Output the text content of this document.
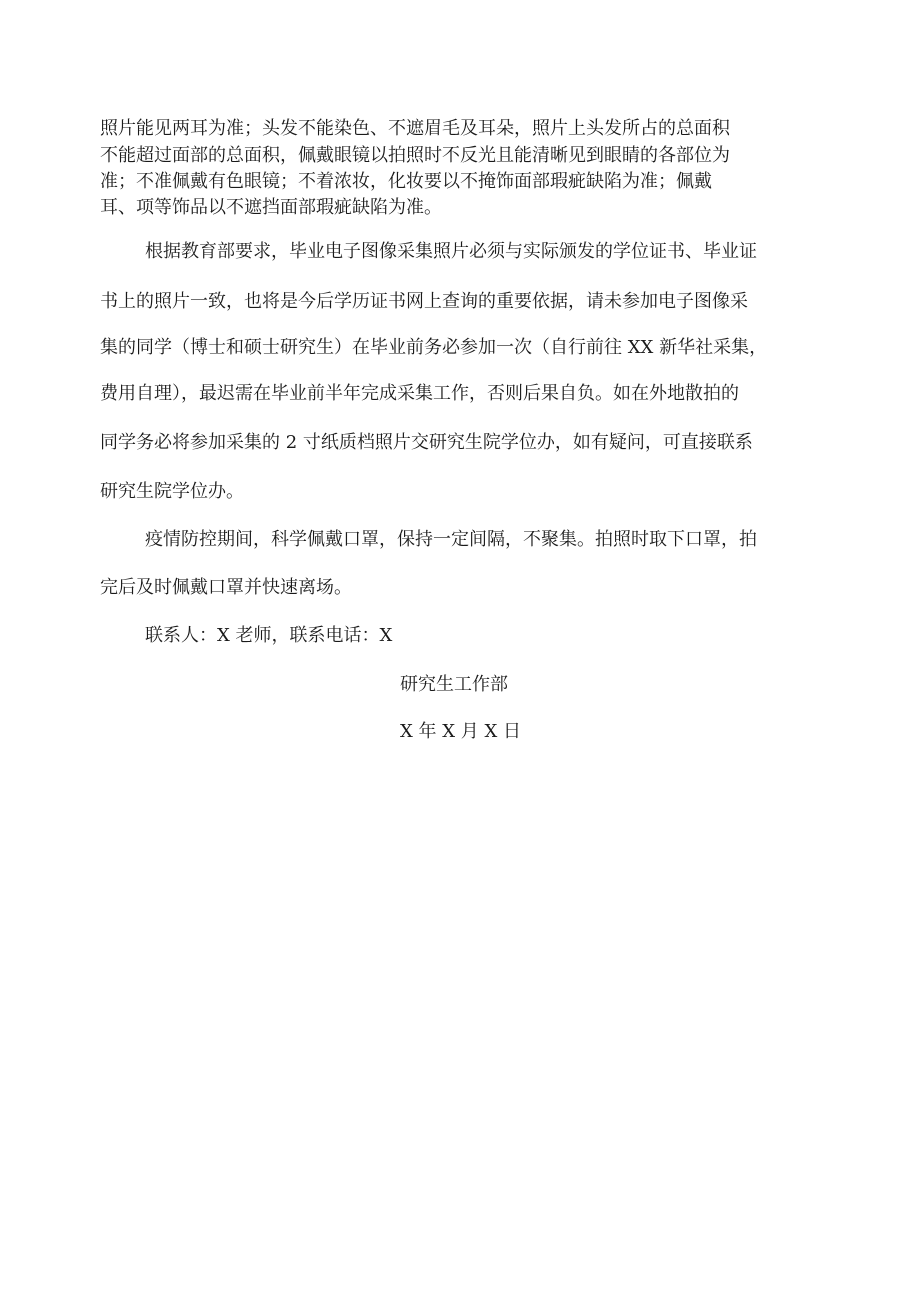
照片能见两耳为准；头发不能染色、不遮眉毛及耳朵，照片上头发所占的总面积
不能超过面部的总面积，佩戴眼镜以拍照时不反光且能清晰见到眼睛的各部位为
准；不准佩戴有色眼镜；不着浓妆，化妆要以不掩饰面部瑕疵缺陷为准；佩戴
耳、项等饰品以不遮挡面部瑕疵缺陷为准。
根据教育部要求，毕业电子图像采集照片必须与实际颁发的学位证书、毕业证
书上的照片一致，也将是今后学历证书网上查询的重要依据，请未参加电子图像采
集的同学（博士和硕士研究生）在毕业前务必参加一次（自行前往 XX 新华社采集，
费用自理），最迟需在毕业前半年完成采集工作，否则后果自负。如在外地散拍的
同学务必将参加采集的 2 寸纸质档照片交研究生院学位办，如有疑问，可直接联系
研究生院学位办。
疫情防控期间，科学佩戴口罩，保持一定间隔，不聚集。拍照时取下口罩，拍
完后及时佩戴口罩并快速离场。
联系人：X 老师，联系电话：X
研究生工作部
X 年 X 月 X 日
